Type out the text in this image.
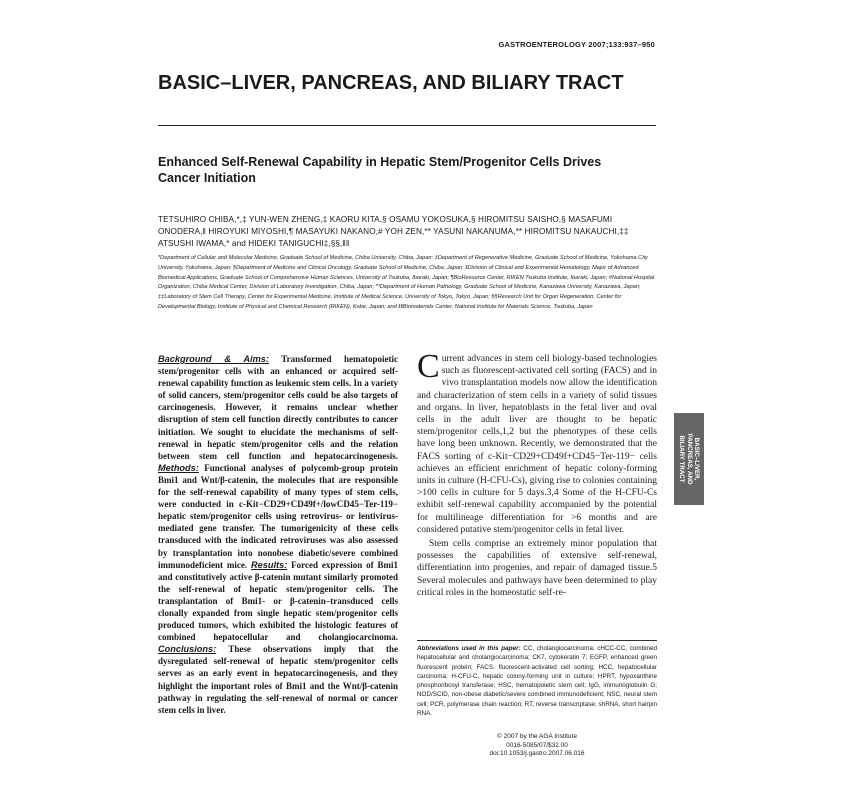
GASTROENTEROLOGY 2007;133:937–950
BASIC–LIVER, PANCREAS, AND BILIARY TRACT
Enhanced Self-Renewal Capability in Hepatic Stem/Progenitor Cells Drives Cancer Initiation
TETSUHIRO CHIBA,*,‡ YUN-WEN ZHENG,‡ KAORU KITA,§ OSAMU YOKOSUKA,§ HIROMITSU SAISHO,§ MASAFUMI ONODERA,‖ HIROYUKI MIYOSHI,¶ MASAYUKI NAKANO,# YOH ZEN,** YASUNI NAKANUMA,** HIROMITSU NAKAUCHI,‡‡ ATSUSHI IWAMA,* and HIDEKI TANIGUCHI‡,§§,‖‖
*Department of Cellular and Molecular Medicine, Graduate School of Medicine, Chiba University, Chiba, Japan; ‡Department of Regenerative Medicine, Graduate School of Medicine, Yokohama City University, Yokohama, Japan; §Department of Medicine and Clinical Oncology, Graduate School of Medicine, Chiba, Japan; ‖Division of Clinical and Experimental Hematology, Major of Advanced Biomedical Applications, Graduate School of Comprehensive Human Sciences, University of Tsukuba, Ibaraki, Japan; ¶BioResource Center, RIKEN Tsukuba Institute, Ibaraki, Japan; #National Hospital Organization, Chiba Medical Center, Division of Laboratory Investigation, Chiba, Japan; **Department of Human Pathology, Graduate School of Medicine, Kanazawa University, Kanazawa, Japan; ‡‡Laboratory of Stem Cell Therapy, Center for Experimental Medicine, Institute of Medical Science, University of Tokyo, Tokyo, Japan; §§Research Unit for Organ Regeneration, Center for Developmental Biology, Institute of Physical and Chemical Research (RIKEN), Kobe, Japan; and ‖‖Biomaterials Center, National Institute for Materials Science, Tsukuba, Japan
Background & Aims: Transformed hematopoietic stem/progenitor cells with an enhanced or acquired self-renewal capability function as leukemic stem cells. In a variety of solid cancers, stem/progenitor cells could be also targets of carcinogenesis. However, it remains unclear whether disruption of stem cell function directly contributes to cancer initiation. We sought to elucidate the mechanisms of self-renewal in hepatic stem/progenitor cells and the relation between stem cell function and hepatocarcinogenesis. Methods: Functional analyses of polycomb-group protein Bmi1 and Wnt/β-catenin, the molecules that are responsible for the self-renewal capability of many types of stem cells, were conducted in c-Kit−CD29+CD49f+/lowCD45−Ter-119− hepatic stem/progenitor cells using retrovirus- or lentivirus-mediated gene transfer. The tumorigenicity of these cells transduced with the indicated retroviruses was also assessed by transplantation into nonobese diabetic/severe combined immunodeficient mice. Results: Forced expression of Bmi1 and constitutively active β-catenin mutant similarly promoted the self-renewal of hepatic stem/progenitor cells. The transplantation of Bmi1- or β-catenin–transduced cells clonally expanded from single hepatic stem/progenitor cells produced tumors, which exhibited the histologic features of combined hepatocellular and cholangiocarcinoma. Conclusions: These observations imply that the dysregulated self-renewal of hepatic stem/progenitor cells serves as an early event in hepatocarcinogenesis, and they highlight the important roles of Bmi1 and the Wnt/β-catenin pathway in regulating the self-renewal of normal or cancer stem cells in liver.

Current advances in stem cell biology-based technologies such as fluorescent-activated cell sorting (FACS) and in vivo transplantation models now allow the identification and characterization of stem cells in a variety of solid tissues and organs. In liver, hepatoblasts in the fetal liver and oval cells in the adult liver are thought to be hepatic stem/progenitor cells,1,2 but the phenotypes of these cells have long been unknown. Recently, we demonstrated that the FACS sorting of c-Kit−CD29+CD49f+CD45−Ter-119− cells achieves an efficient enrichment of hepatic colony-forming units in culture (H-CFU-Cs), giving rise to colonies containing >100 cells in culture for 5 days.3,4 Some of the H-CFU-Cs exhibit self-renewal capability accompanied by the potential for multilineage differentiation for >6 months and are considered putative stem/progenitor cells in fetal liver.

Stem cells comprise an extremely minor population that possesses the capabilities of extensive self-renewal, differentiation into progenies, and repair of damaged tissue.5 Several molecules and pathways have been determined to play critical roles in the homeostatic self-re-

Abbreviations used in this paper: CC, cholangiocarcinoma; cHCC-CC, combined hepatocellular and cholangiocarcinoma; CK7, cytokeratin 7; EGFP, enhanced green fluorescent protein; FACS, fluorescent-activated cell sorting; HCC, hepatocellular carcinoma; H-CFU-C, hepatic colony-forming unit in culture; HPRT, hypoxanthine phosphoribosyl transferase; HSC, hematopoietic stem cell; IgG, immunoglobulin G; NOD/SCID, non-obese diabetic/severe combined immunodeficient; NSC, neural stem cell; PCR, polymerase chain reaction; RT, reverse transcriptase; shRNA, short hairpin RNA.
© 2007 by the AGA Institute
0016-5085/07/$32.00
doi:10.1053/j.gastro.2007.06.016
BASIC–LIVER,
PANCREAS, AND
BILIARY TRACT
